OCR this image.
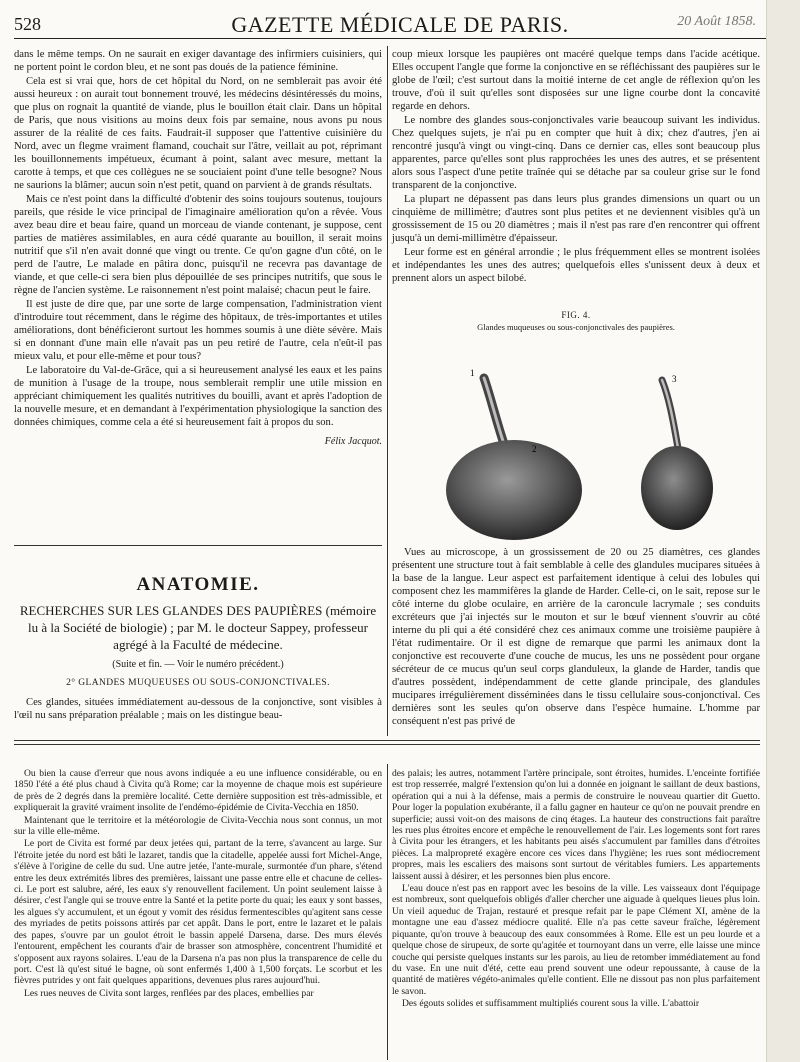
528	GAZETTE MÉDICALE DE PARIS.	20 Août 1858.

dans le même temps. On ne saurait en exiger davantage des infirmiers cuisiniers, qui ne portent point le cordon bleu, et ne sont pas doués de la patience féminine.

Cela est si vrai que, hors de cet hôpital du Nord, on ne semblerait pas avoir été aussi heureux : on aurait tout bonnement trouvé, les médecins désintéressés du moins, que plus on rognait la quantité de viande, plus le bouillon était clair. Dans un hôpital de Paris, que nous visitions au moins deux fois par semaine, nous avons pu nous assurer de la réalité de ces faits. Faudrait-il supposer que l'attentive cuisinière du Nord, avec un flegme vraiment flamand, couchait sur l'âtre, veillait au pot, réprimant les bouillonnements impétueux, écumant à point, salant avec mesure, mettant la carotte à temps, et que ces collègues ne se souciaient point d'une telle besogne? Nous ne saurions la blâmer; aucun soin n'est petit, quand on parvient à de grands résultats.

Mais ce n'est point dans la difficulté d'obtenir des soins toujours soutenus, toujours pareils, que réside le vice principal de l'imaginaire amélioration qu'on a rêvée. Vous avez beau dire et beau faire, quand un morceau de viande contenant, je suppose, cent parties de matières assimilables, en aura cédé quarante au bouillon, il serait moins nutritif que s'il n'en avait donné que vingt ou trente. Ce qu'on gagne d'un côté, on le perd de l'autre, Le malade en pâtira donc, puisqu'il ne recevra pas davantage de viande, et que celle-ci sera bien plus dépouillée de ses principes nutritifs, que sous le règne de l'ancien système. Le raisonnement n'est point malaisé; chacun peut le faire.

Il est juste de dire que, par une sorte de large compensation, l'administration vient d'introduire tout récemment, dans le régime des hôpitaux, de très-importantes et utiles améliorations, dont bénéficieront surtout les hommes soumis à une diète sévère. Mais si en donnant d'une main elle n'avait pas un peu retiré de l'autre, cela n'eût-il pas mieux valu, et pour elle-même et pour tous?

Le laboratoire du Val-de-Grâce, qui a si heureusement analysé les eaux et les pains de munition à l'usage de la troupe, nous semblerait remplir une utile mission en appréciant chimiquement les qualités nutritives du bouilli, avant et après l'adoption de la nouvelle mesure, et en demandant à l'expérimentation physiologique la sanction des données chimiques, comme cela a été si heureusement fait à propos du son.

Félix Jacquot.
ANATOMIE.
RECHERCHES SUR LES GLANDES DES PAUPIÈRES (mémoire lu à la Société de biologie) ; par M. le docteur Sappey, professeur agrégé à la Faculté de médecine.
(Suite et fin. — Voir le numéro précédent.)
2° GLANDES MUQUEUSES OU SOUS-CONJONCTIVALES.
Ces glandes, situées immédiatement au-dessous de la conjonctive, sont visibles à l'œil nu sans préparation préalable ; mais on les distingue beau-

coup mieux lorsque les paupières ont macéré quelque temps dans l'acide acétique. Elles occupent l'angle que forme la conjonctive en se réfléchissant des paupières sur le globe de l'œil; c'est surtout dans la moitié interne de cet angle de réflexion qu'on les trouve, d'où il suit qu'elles sont disposées sur une ligne courbe dont la concavité regarde en dehors.

Le nombre des glandes sous-conjonctivales varie beaucoup suivant les individus. Chez quelques sujets, je n'ai pu en compter que huit à dix; chez d'autres, j'en ai rencontré jusqu'à vingt ou vingt-cinq. Dans ce dernier cas, elles sont beaucoup plus apparentes, parce qu'elles sont plus rapprochées les unes des autres, et se présentent alors sous l'aspect d'une petite traînée qui se détache par sa couleur grise sur le fond transparent de la conjonctive.

La plupart ne dépassent pas dans leurs plus grandes dimensions un quart ou un cinquième de millimètre; d'autres sont plus petites et ne deviennent visibles qu'à un grossissement de 15 ou 20 diamètres ; mais il n'est pas rare d'en rencontrer qui offrent jusqu'à un demi-millimètre d'épaisseur.

Leur forme est en général arrondie ; le plus fréquemment elles se montrent isolées et indépendantes les unes des autres; quelquefois elles s'unissent deux à deux et prennent alors un aspect bilobé.

FIG. 4.
Glandes muqueuses ou sous-conjonctivales des paupières.
1
2
3

Vues au microscope, à un grossissement de 20 ou 25 diamètres, ces glandes présentent une structure tout à fait semblable à celle des glandules mucipares situées à la base de la langue. Leur aspect est parfaitement identique à celui des lobules qui composent chez les mammifères la glande de Harder. Celle-ci, on le sait, repose sur le côté interne du globe oculaire, en arrière de la caroncule lacrymale ; ses conduits excréteurs que j'ai injectés sur le mouton et sur le bœuf viennent s'ouvrir au côté interne du pli qui a été considéré chez ces animaux comme une troisième paupière à l'état rudimentaire. Or il est digne de remarque que parmi les animaux dont la conjonctive est recouverte d'une couche de mucus, les uns ne possèdent pour organe sécréteur de ce mucus qu'un seul corps glanduleux, la glande de Harder, tandis que d'autres possèdent, indépendamment de cette glande principale, des glandules mucipares irrégulièrement disséminées dans le tissu cellulaire sous-conjonctival. Ces dernières sont les seules qu'on observe dans l'espèce humaine. L'homme par conséquent n'est pas privé de

Ou bien la cause d'erreur que nous avons indiquée a eu une influence considérable, ou en 1850 l'été a été plus chaud à Civita qu'à Rome; car la moyenne de chaque mois est supérieure de près de 2 degrés dans la première localité. Cette dernière supposition est très-admissible, et expliquerait la gravité vraiment insolite de l'endémo-épidémie de Civita-Vecchia en 1850.

Maintenant que le territoire et la météorologie de Civita-Vecchia nous sont connus, un mot sur la ville elle-même.

Le port de Civita est formé par deux jetées qui, partant de la terre, s'avancent au large. Sur l'étroite jetée du nord est bâti le lazaret, tandis que la citadelle, appelée aussi fort Michel-Ange, s'élève à l'origine de celle du sud. Une autre jetée, l'ante-murale, surmontée d'un phare, s'étend entre les deux extrémités libres des premières, laissant une passe entre elle et chacune de celles-ci. Le port est salubre, aéré, les eaux s'y renouvellent facilement. Un point seulement laisse à désirer, c'est l'angle qui se trouve entre la Santé et la petite porte du quai; les eaux y sont basses, les algues s'y accumulent, et un égout y vomit des résidus fermentescibles qu'agitent sans cesse des myriades de petits poissons attirés par cet appât. Dans le port, entre le lazaret et le palais des papes, s'ouvre par un goulot étroit le bassin appelé Darsena, darse. Des murs élevés l'entourent, empêchent les courants d'air de brasser son atmosphère, concentrent l'humidité et s'opposent aux rayons solaires. L'eau de la Darsena n'a pas non plus la transparence de celle du port. C'est là qu'est situé le bagne, où sont enfermés 1,400 à 1,500 forçats. Le scorbut et les fièvres putrides y ont fait quelques apparitions, devenues plus rares aujourd'hui.

Les rues neuves de Civita sont larges, renflées par des places, embellies par

des palais; les autres, notamment l'artère principale, sont étroites, humides. L'enceinte fortifiée est trop resserrée, malgré l'extension qu'on lui a donnée en joignant le saillant de deux bastions, opération qui a nui à la défense, mais a permis de construire le nouveau quartier dit Guetto. Pour loger la population exubérante, il a fallu gagner en hauteur ce qu'on ne pouvait prendre en superficie; aussi voit-on des maisons de cinq étages. La hauteur des constructions fait paraître les rues plus étroites encore et empêche le renouvellement de l'air. Les logements sont fort rares à Civita pour les étrangers, et les habitants peu aisés s'accumulent par familles dans d'étroites pièces. La malpropreté exagère encore ces vices dans l'hygiène; les rues sont médiocrement propres, mais les escaliers des maisons sont surtout de véritables fumiers. Les appartements laissent aussi à désirer, et les personnes bien plus encore.

L'eau douce n'est pas en rapport avec les besoins de la ville. Les vaisseaux dont l'équipage est nombreux, sont quelquefois obligés d'aller chercher une aiguade à quelques lieues plus loin. Un vieil aqueduc de Trajan, restauré et presque refait par le pape Clément XI, amène de la montagne une eau d'assez médiocre qualité. Elle n'a pas cette saveur fraîche, légèrement piquante, qu'on trouve à beaucoup des eaux consommées à Rome. Elle est un peu lourde et a quelque chose de sirupeux, de sorte qu'agitée et tournoyant dans un verre, elle laisse une mince couche qui persiste quelques instants sur les parois, au lieu de retomber immédiatement au fond du vase. En une nuit d'été, cette eau prend souvent une odeur repoussante, à cause de la quantité de matières végéto-animales qu'elle contient. Elle ne dissout pas non plus parfaitement le savon.

Des égouts solides et suffisamment multipliés courent sous la ville. L'abattoir
